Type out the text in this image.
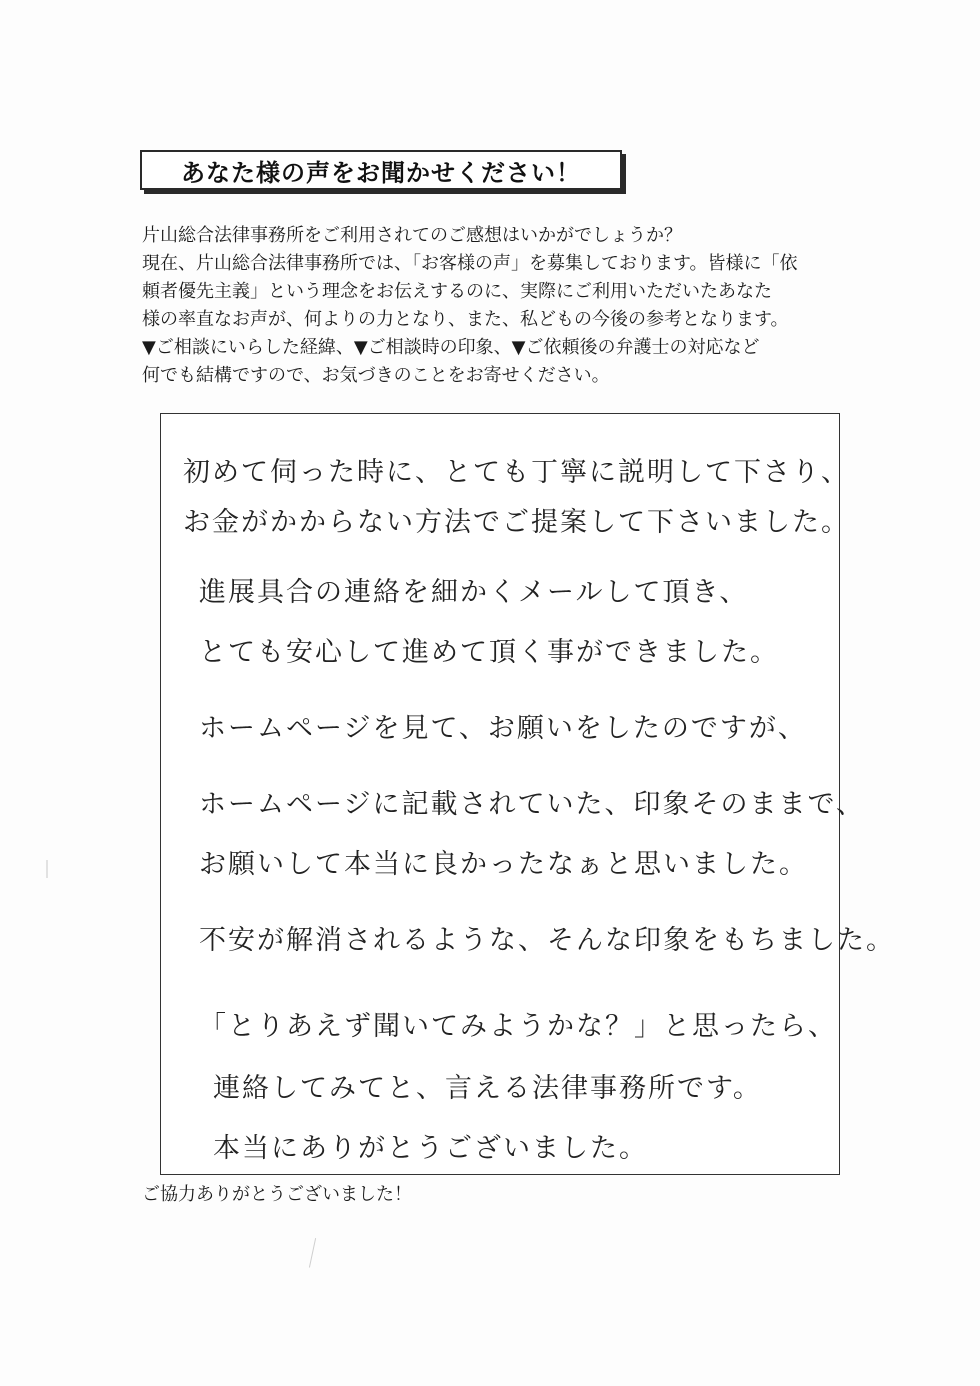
あなた様の声をお聞かせください！
片山総合法律事務所をご利用されてのご感想はいかがでしょうか？
現在、片山総合法律事務所では、「お客様の声」を募集しております。皆様に「依
頼者優先主義」という理念をお伝えするのに、実際にご利用いただいたあなた
様の率直なお声が、何よりの力となり、また、私どもの今後の参考となります。
▼ご相談にいらした経緯、▼ご相談時の印象、▼ご依頼後の弁護士の対応など
何でも結構ですので、お気づきのことをお寄せください。
初めて伺った時に、とても丁寧に説明して下さり、
お金がかからない方法でご提案して下さいました。
進展具合の連絡を細かくメールして頂き、
とても安心して進めて頂く事ができました。
ホームページを見て、お願いをしたのですが、
ホームページに記載されていた、印象そのままで、
お願いして本当に良かったなぁと思いました。
不安が解消されるような、そんな印象をもちました。
「とりあえず聞いてみようかな？」と思ったら、
連絡してみてと、言える法律事務所です。
本当にありがとうございました。
ご協力ありがとうございました！
